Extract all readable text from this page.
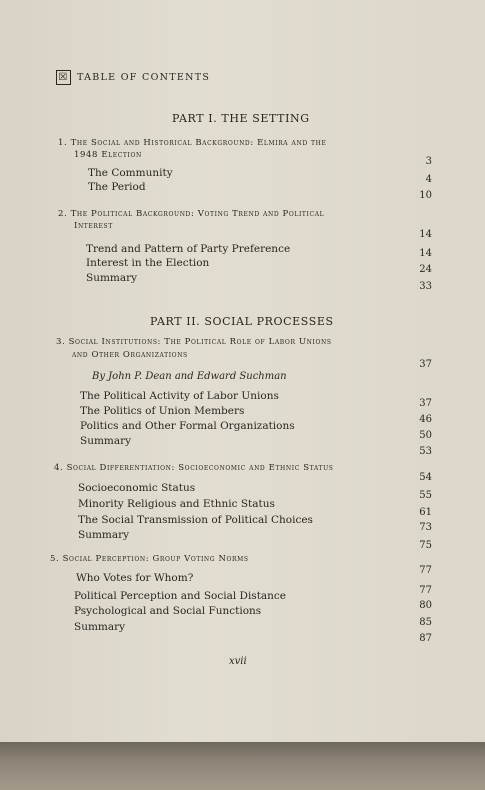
☒ TABLE OF CONTENTS
PART I. THE SETTING
1. The Social and Historical Background: Elmira and the
1948 Election
3
The Community
4
The Period
10
2. The Political Background: Voting Trend and Political
Interest
14
Trend and Pattern of Party Preference	14
Interest in the Election
24
Summary
33
PART II. SOCIAL PROCESSES
3. Social Institutions: The Political Role of Labor Unions
and Other Organizations
By John P. Dean and Edward Suchman
37
The Political Activity of Labor Unions
37
The Politics of Union Members
46
Politics and Other Formal Organizations
50
Summary
53
4. Social Differentiation: Socioeconomic and Ethnic Status
54
Socioeconomic Status
55
Minority Religious and Ethnic Status
61
The Social Transmission of Political Choices
73
Summary
75
5. Social Perception: Group Voting Norms
77
Who Votes for Whom?
77
Political Perception and Social Distance
80
Psychological and Social Functions
85
Summary
87
xvii
